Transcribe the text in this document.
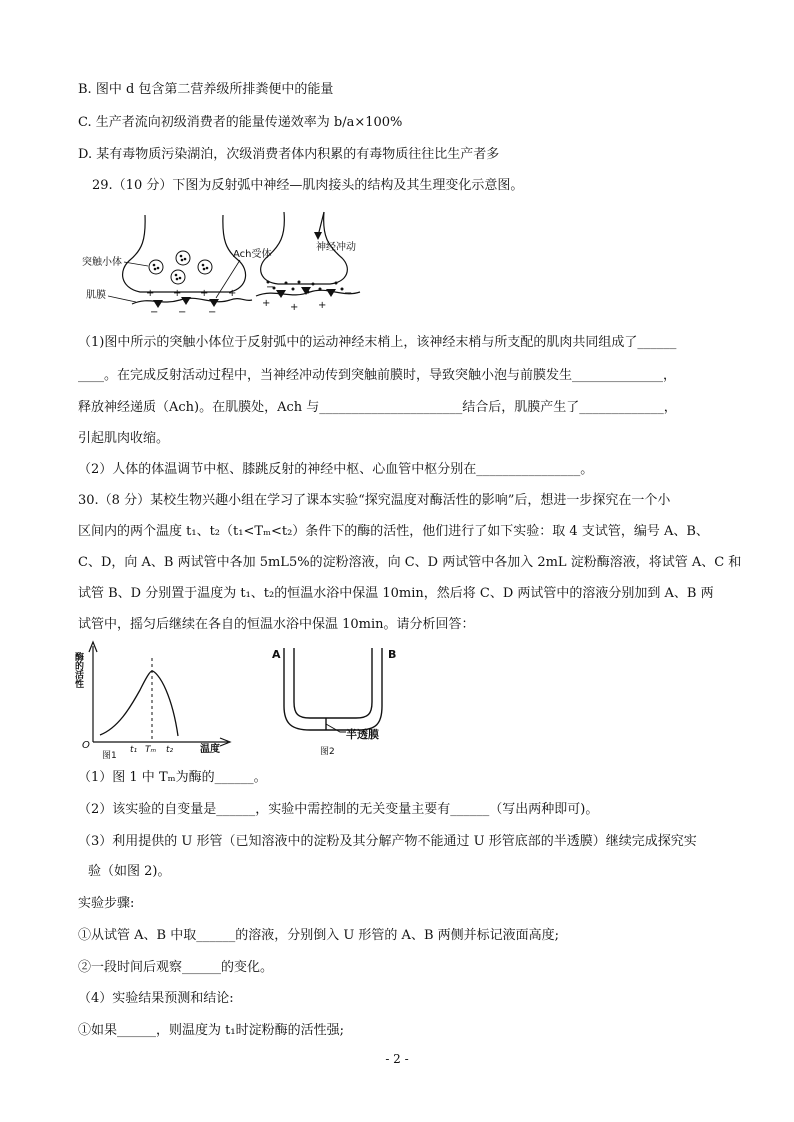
B. 图中 d 包含第二营养级所排粪便中的能量
C. 生产者流向初级消费者的能量传递效率为 b/a×100%
D. 某有毒物质污染湖泊，次级消费者体内积累的有毒物质往往比生产者多
29.（10 分）下图为反射弧中神经—肌肉接头的结构及其生理变化示意图。
+ + + +
− − −
突触小体
Ach受体
肌膜
神经冲动
+ + +
−
−
（1)图中所示的突触小体位于反射弧中的运动神经末梢上，该神经末梢与所支配的肌肉共同组成了______
____。在完成反射活动过程中，当神经冲动传到突触前膜时，导致突触小泡与前膜发生______________，
释放神经递质（Ach)。在肌膜处，Ach 与______________________结合后，肌膜产生了_____________，
引起肌肉收缩。
（2）人体的体温调节中枢、膝跳反射的神经中枢、心血管中枢分别在________________。
30.（8 分）某校生物兴趣小组在学习了课本实验“探究温度对酶活性的影响”后，想进一步探究在一个小
区间内的两个温度 t₁、t₂（t₁<Tₘ<t₂）条件下的酶的活性，他们进行了如下实验：取 4 支试管，编号 A、B、
C、D，向 A、B 两试管中各加 5mL5%的淀粉溶液，向 C、D 两试管中各加入 2mL 淀粉酶溶液，将试管 A、C 和
试管 B、D 分别置于温度为 t₁、t₂的恒温水浴中保温 10min，然后将 C、D 两试管中的溶液分别加到 A、B 两
试管中，摇匀后继续在各自的恒温水浴中保温 10min。请分析回答：
酶的活性
O	t₁ Tₘ t₂	温度
图1
A	B
半透膜
图2
（1）图 1 中 Tₘ为酶的______。
（2）该实验的自变量是______，实验中需控制的无关变量主要有______（写出两种即可)。
（3）利用提供的 U 形管（已知溶液中的淀粉及其分解产物不能通过 U 形管底部的半透膜）继续完成探究实
验（如图 2)。
实验步骤:
①从试管 A、B 中取______的溶液，分别倒入 U 形管的 A、B 两侧并标记液面高度;
②一段时间后观察______的变化。
（4）实验结果预测和结论:
①如果______，则温度为 t₁时淀粉酶的活性强;
- 2 -
